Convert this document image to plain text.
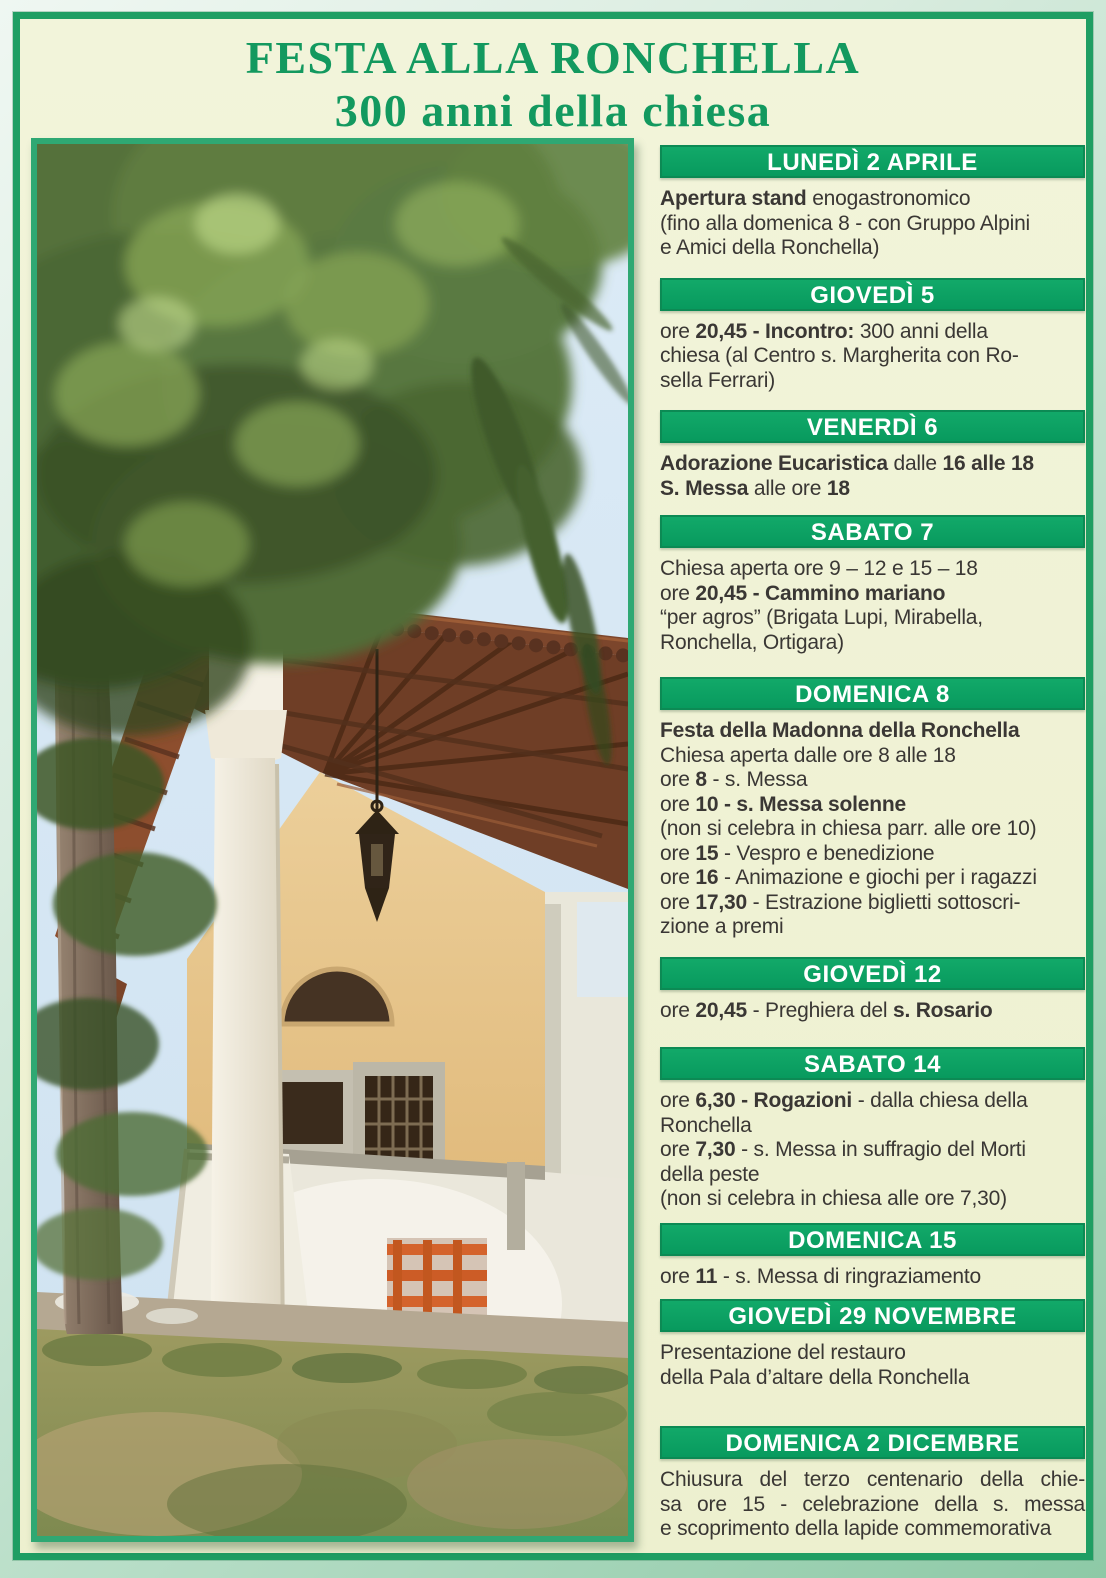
FESTA ALLA RONCHELLA
300 anni della chiesa
LUNEDÌ 2 APRILE

Apertura stand enogastronomico

(fino alla domenica 8 - con Gruppo Alpini

e Amici della Ronchella)

GIOVEDÌ 5

ore 20,45 - Incontro: 300 anni della

chiesa (al Centro s. Margherita con Ro-

sella Ferrari)

VENERDÌ 6

Adorazione Eucaristica dalle 16 alle 18

S. Messa alle ore 18

SABATO 7

Chiesa aperta ore 9 – 12 e 15 – 18

ore 20,45 - Cammino mariano

“per agros” (Brigata Lupi, Mirabella,

Ronchella, Ortigara)

DOMENICA 8

Festa della Madonna della Ronchella

Chiesa aperta dalle ore 8 alle 18

ore 8 - s. Messa

ore 10 - s. Messa solenne

(non si celebra in chiesa parr. alle ore 10)

ore 15 - Vespro e benedizione

ore 16 - Animazione e giochi per i ragazzi

ore 17,30 - Estrazione biglietti sottoscri-

zione a premi

GIOVEDÌ 12

ore 20,45 - Preghiera del s. Rosario

SABATO 14

ore 6,30 - Rogazioni - dalla chiesa della

Ronchella

ore 7,30 - s. Messa in suffragio del Morti

della peste

(non si celebra in chiesa alle ore 7,30)

DOMENICA 15

ore 11 - s. Messa di ringraziamento

GIOVEDÌ 29 NOVEMBRE

Presentazione del restauro

della Pala d’altare della Ronchella

DOMENICA 2 DICEMBRE

Chiusura del terzo centenario della chie-

sa ore 15 - celebrazione della s. messa

e scoprimento della lapide commemorativa
